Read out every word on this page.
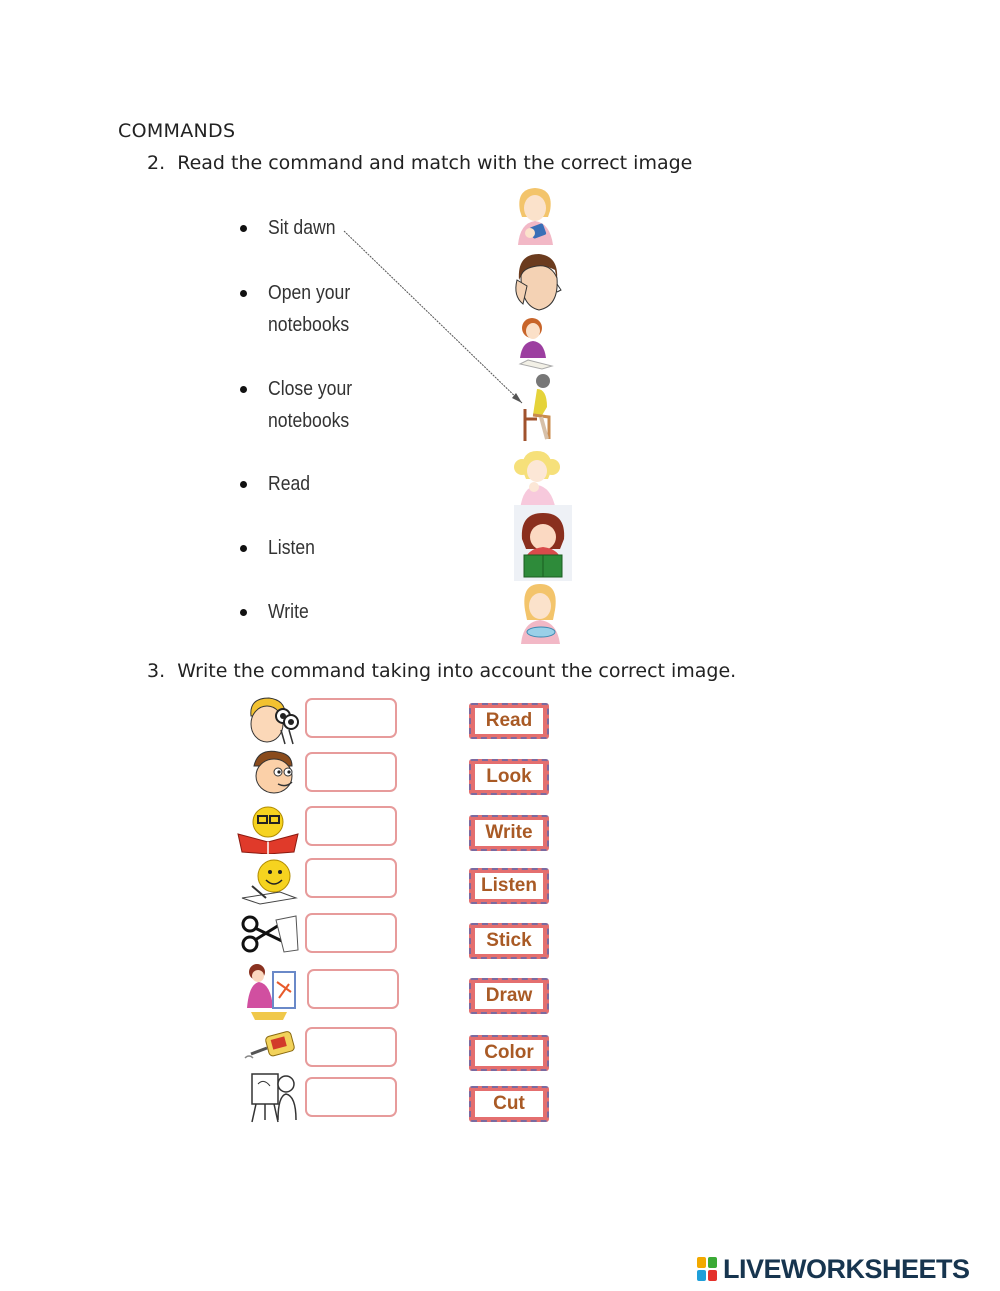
COMMANDS
2. Read the command and match with the correct image
Sit dawn
Open your
notebooks
Close your
notebooks
Read
Listen
Write
3. Write the command taking into account the correct image.
Read
Look
Write
Listen
Stick
Draw
Color
Cut
LIVEWORKSHEETS
